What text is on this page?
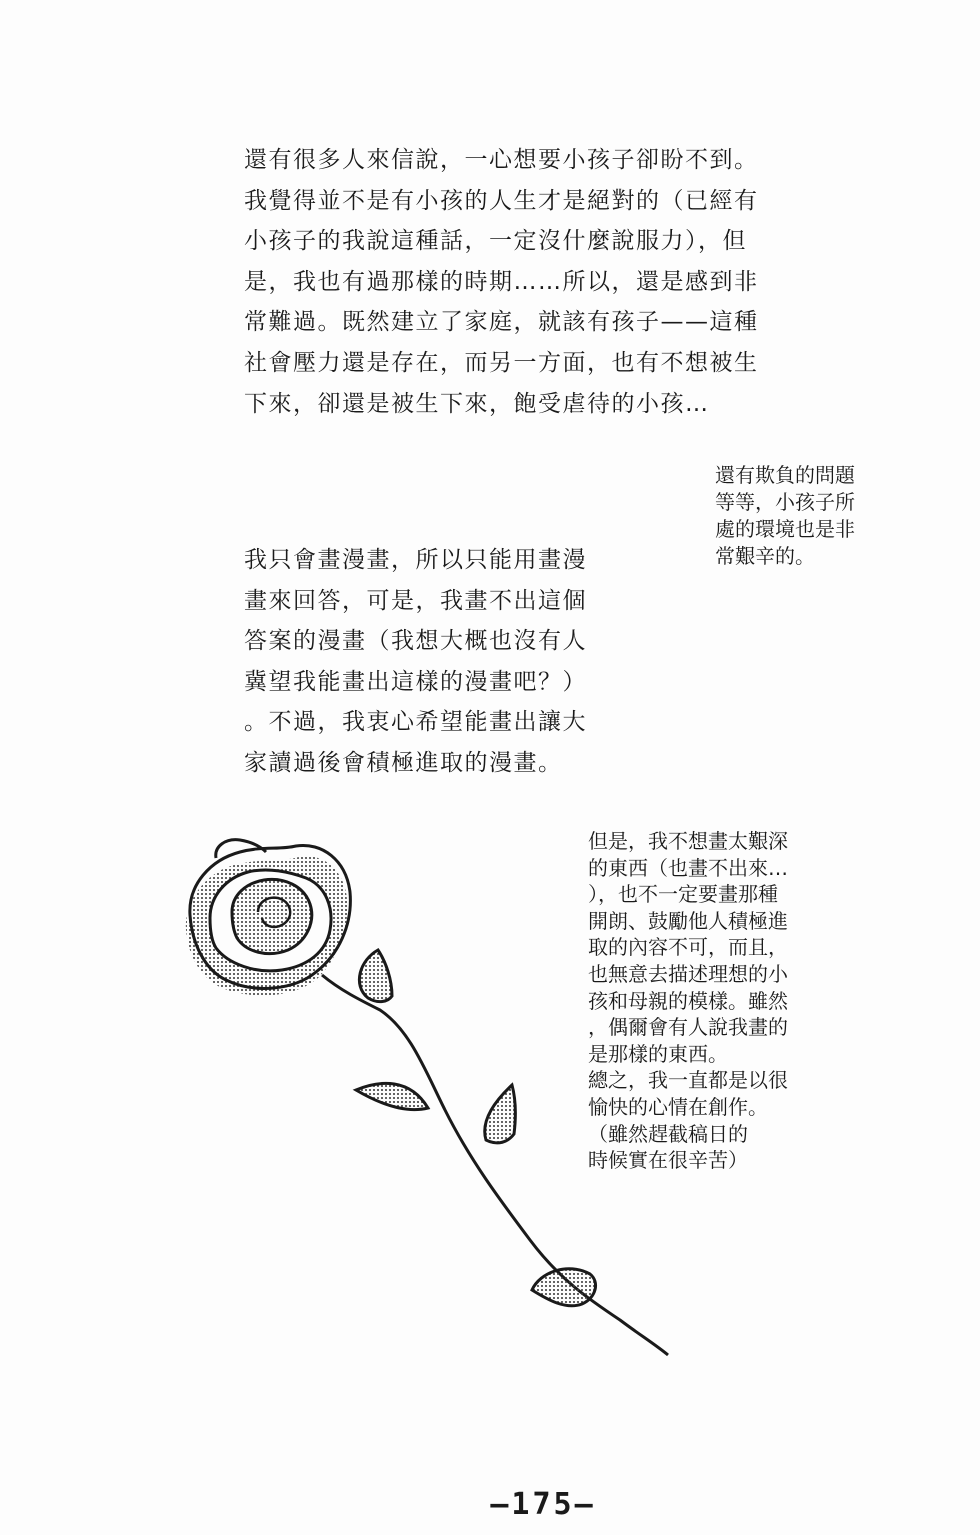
還有很多人來信說，一心想要小孩子卻盼不到。
我覺得並不是有小孩的人生才是絕對的（已經有
小孩子的我說這種話，一定沒什麼說服力），但
是，我也有過那樣的時期……所以，還是感到非
常難過。既然建立了家庭，就該有孩子——這種
社會壓力還是存在，而另一方面，也有不想被生
下來，卻還是被生下來，飽受虐待的小孩…
還有欺負的問題
等等，小孩子所
處的環境也是非
常艱辛的。
我只會畫漫畫，所以只能用畫漫
畫來回答，可是，我畫不出這個
答案的漫畫（我想大概也沒有人
冀望我能畫出這樣的漫畫吧？）
。不過，我衷心希望能畫出讓大
家讀過後會積極進取的漫畫。
但是，我不想畫太艱深
的東西（也畫不出來…
），也不一定要畫那種
開朗、鼓勵他人積極進
取的內容不可，而且，
也無意去描述理想的小
孩和母親的模樣。雖然
，偶爾會有人說我畫的
是那樣的東西。
總之，我一直都是以很
愉快的心情在創作。
（雖然趕截稿日的
時候實在很辛苦）
—175—
